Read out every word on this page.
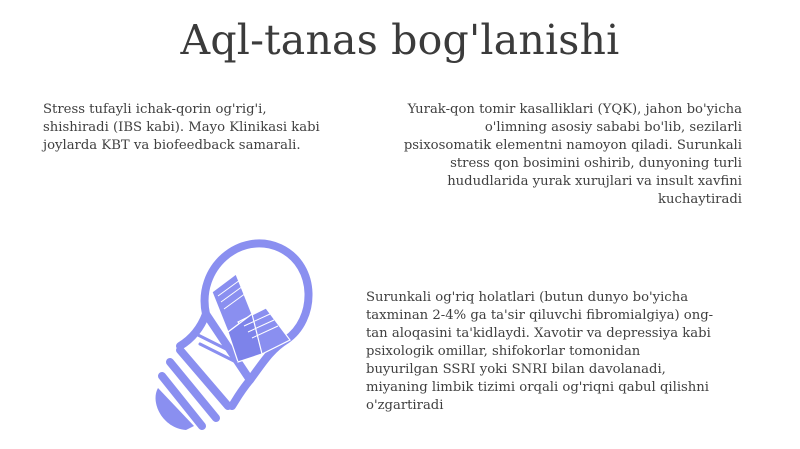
Aql-tanas bog'lanishi
Stress tufayli ichak-qorin og'rig'i,
shishiradi (IBS kabi). Mayo Klinikasi kabi
joylarda KBT va biofeedback samarali.
Yurak-qon tomir kasalliklari (YQK), jahon bo'yicha
o'limning asosiy sababi bo'lib, sezilarli
psixosomatik elementni namoyon qiladi. Surunkali
stress qon bosimini oshirib, dunyoning turli
hududlarida yurak xurujlari va insult xavfini
kuchaytiradi
Surunkali og'riq holatlari (butun dunyo bo'yicha
taxminan 2-4% ga ta'sir qiluvchi fibromialgiya) ong-
tan aloqasini ta'kidlaydi. Xavotir va depressiya kabi
psixologik omillar, shifokorlar tomonidan
buyurilgan SSRI yoki SNRI bilan davolanadi,
miyaning limbik tizimi orqali og'riqni qabul qilishni
o'zgartiradi
